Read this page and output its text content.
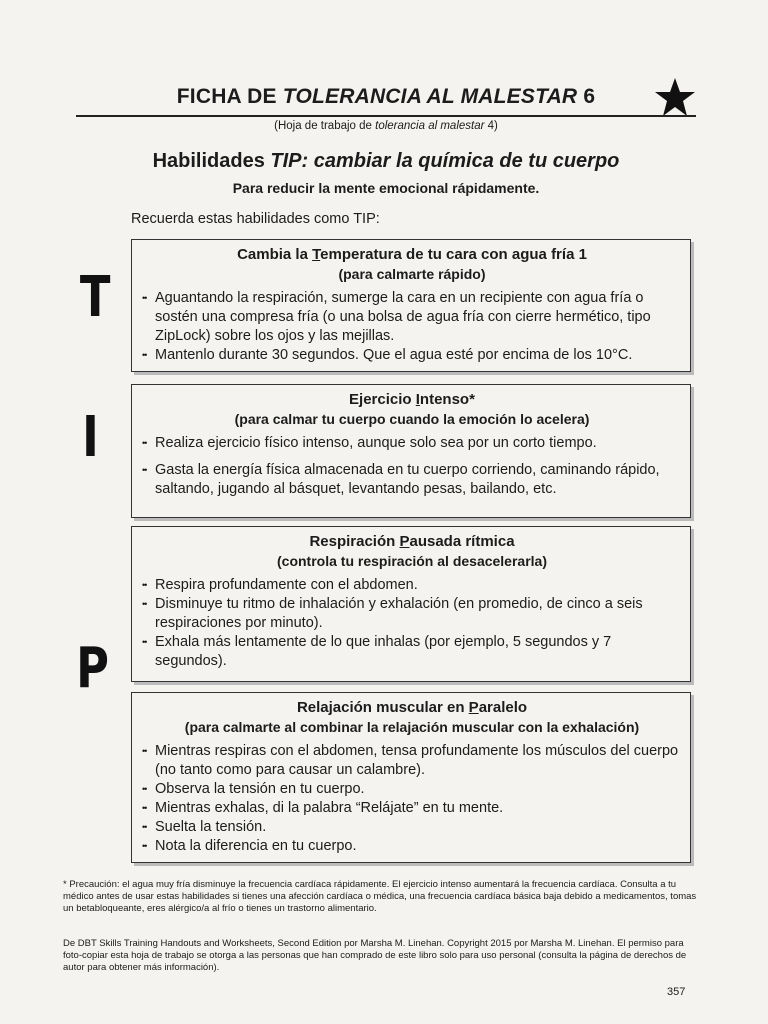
FICHA DE TOLERANCIA AL MALESTAR 6
(Hoja de trabajo de tolerancia al malestar 4)
Habilidades TIP: cambiar la química de tu cuerpo
Para reducir la mente emocional rápidamente.
Recuerda estas habilidades como TIP:
T
I
P
Cambia la Temperatura de tu cara con agua fría 1
(para calmarte rápido)
•• Aguantando la respiración, sumerge la cara en un recipiente con agua fría o sostén una compresa fría (o una bolsa de agua fría con cierre hermético, tipo ZipLock) sobre los ojos y las mejillas.
•• Mantenlo durante 30 segundos. Que el agua esté por encima de los 10°C.
Ejercicio Intenso*
(para calmar tu cuerpo cuando la emoción lo acelera)
•• Realiza ejercicio físico intenso, aunque solo sea por un corto tiempo.
•• Gasta la energía física almacenada en tu cuerpo corriendo, caminando rápido, saltando, jugando al básquet, levantando pesas, bailando, etc.
Respiración Pausada rítmica
(controla tu respiración al desacelerarla)
•• Respira profundamente con el abdomen.
•• Disminuye tu ritmo de inhalación y exhalación (en promedio, de cinco a seis respiraciones por minuto).
•• Exhala más lentamente de lo que inhalas (por ejemplo, 5 segundos y 7 segundos).
Relajación muscular en Paralelo
(para calmarte al combinar la relajación muscular con la exhalación)
•• Mientras respiras con el abdomen, tensa profundamente los músculos del cuerpo (no tanto como para causar un calambre).
•• Observa la tensión en tu cuerpo.
•• Mientras exhalas, di la palabra “Relájate” en tu mente.
•• Suelta la tensión.
•• Nota la diferencia en tu cuerpo.
* Precaución: el agua muy fría disminuye la frecuencia cardíaca rápidamente. El ejercicio intenso aumentará la frecuencia cardíaca. Consulta a tu médico antes de usar estas habilidades si tienes una afección cardíaca o médica, una frecuencia cardíaca básica baja debido a medicamentos, tomas un betabloqueante, eres alérgico/a al frío o tienes un trastorno alimentario.
De DBT Skills Training Handouts and Worksheets, Second Edition por Marsha M. Linehan. Copyright 2015 por Marsha M. Linehan. El permiso para foto-copiar esta hoja de trabajo se otorga a las personas que han comprado de este libro solo para uso personal (consulta la página de derechos de autor para obtener más información).
357
